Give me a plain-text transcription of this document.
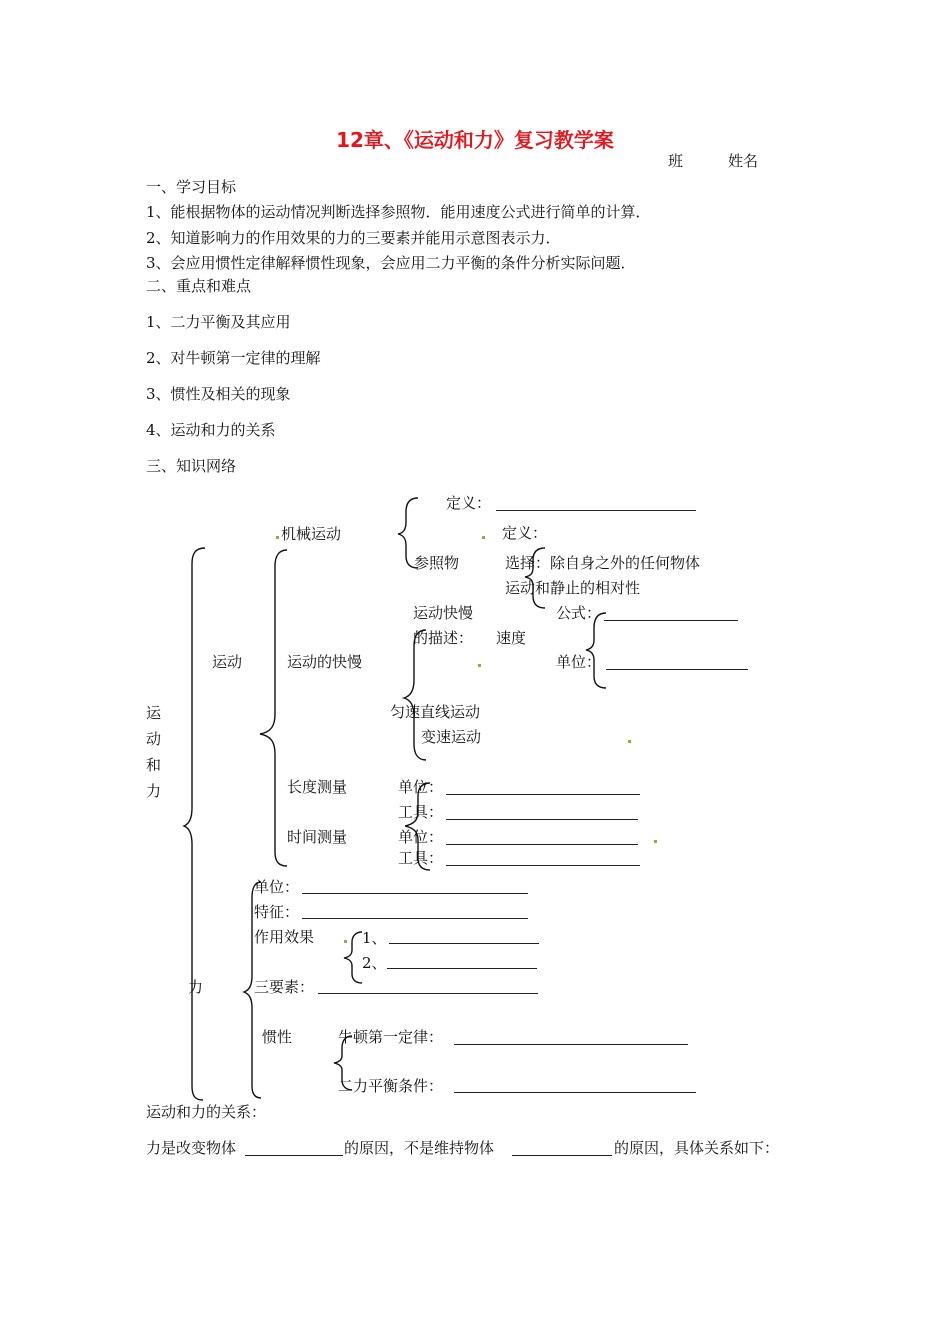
12章、《运动和力》复习教学案
班	姓名
一、学习目标
1、能根据物体的运动情况判断选择参照物．能用速度公式进行简单的计算．
2、知道影响力的作用效果的力的三要素并能用示意图表示力．
3、会应用惯性定律解释惯性现象，会应用二力平衡的条件分析实际问题．
二、重点和难点
1、二力平衡及其应用
2、对牛顿第一定律的理解
3、惯性及相关的现象
4、运动和力的关系
三、知识网络
运动和力
运动
机械运动
定义：
定义：
参照物	选择：除自身之外的任何物体
运动和静止的相对性
运动的快慢
运动快慢
的描述： 速度
公式：
单位：
匀速直线运动
变速运动
长度测量	单位：
工具：
时间测量	单位：
工具：
力
单位：
特征：
作用效果	1、
2、
三要素：
惯性	牛顿第一定律：
二力平衡条件：
运动和力的关系：
力是改变物体	的原因，不是维持物体	的原因，具体关系如下：
